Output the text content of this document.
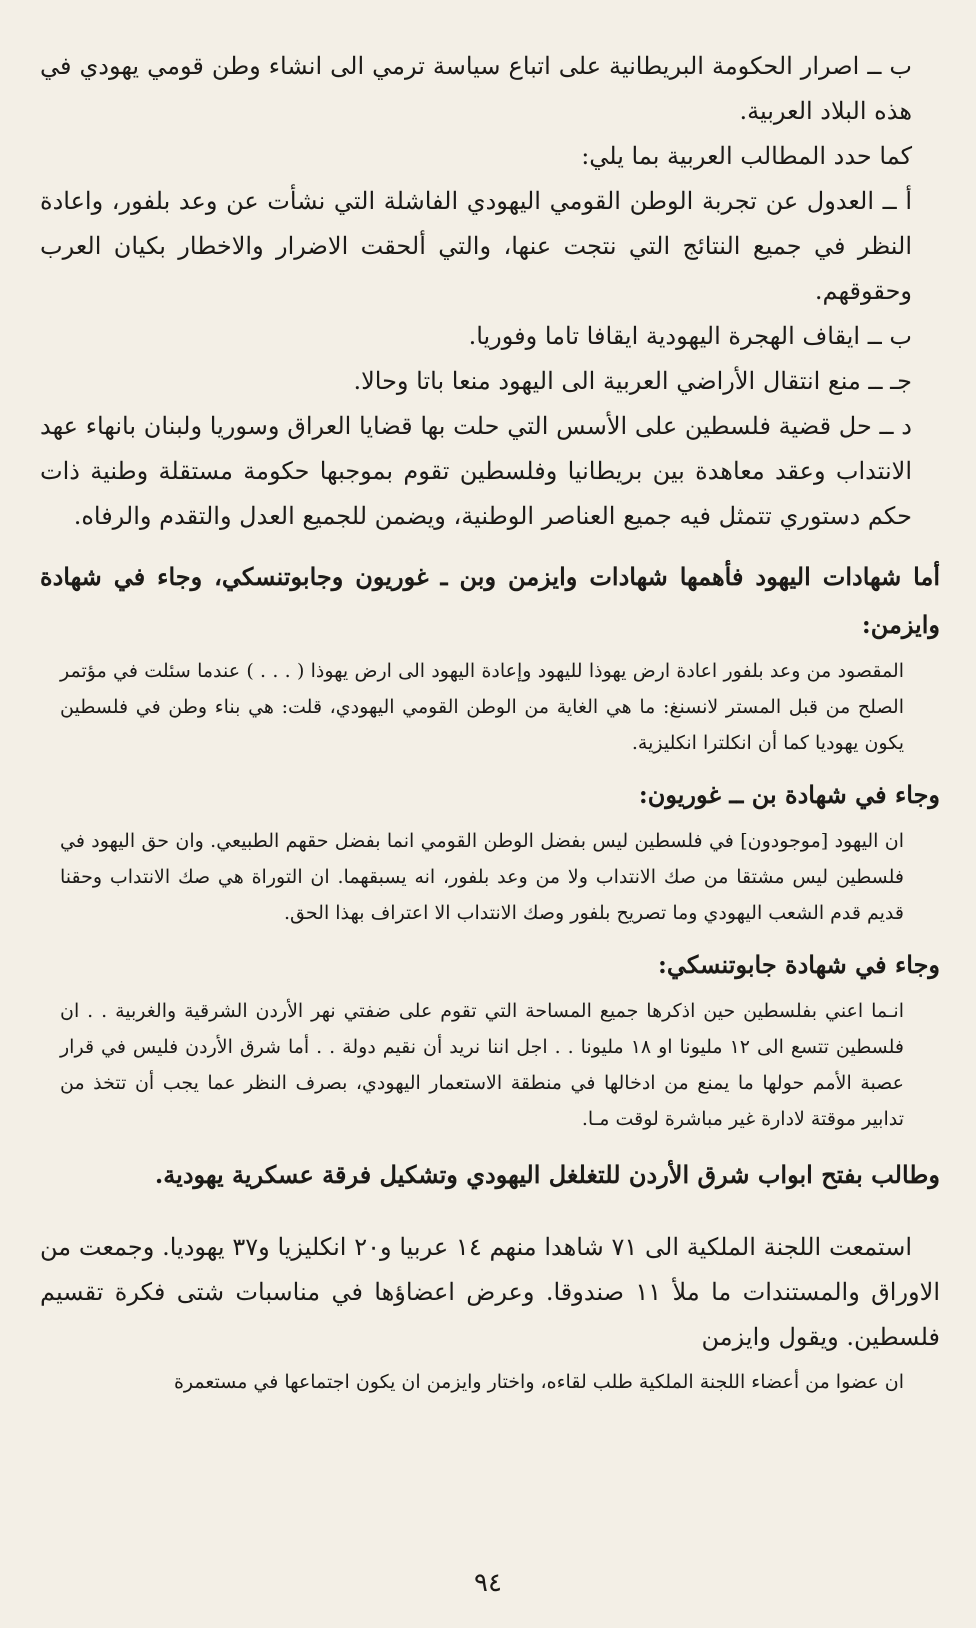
ب ــ اصرار الحكومة البريطانية على اتباع سياسة ترمي الى انشاء وطن قومي يهودي في هذه البلاد العربية.

كما حدد المطالب العربية بما يلي:

أ ــ العدول عن تجربة الوطن القومي اليهودي الفاشلة التي نشأت عن وعد بلفور، واعادة النظر في جميع النتائج التي نتجت عنها، والتي ألحقت الاضرار والاخطار بكيان العرب وحقوقهم.

ب ــ ايقاف الهجرة اليهودية ايقافا تاما وفوريا.

جـ ــ منع انتقال الأراضي العربية الى اليهود منعا باتا وحالا.

د ــ حل قضية فلسطين على الأسس التي حلت بها قضايا العراق وسوريا ولبنان بانهاء عهد الانتداب وعقد معاهدة بين بريطانيا وفلسطين تقوم بموجبها حكومة مستقلة وطنية ذات حكم دستوري تتمثل فيه جميع العناصر الوطنية، ويضمن للجميع العدل والتقدم والرفاه.

أما شهادات اليهود فأهمها شهادات وايزمن وبن ـ غوريون وجابوتنسكي، وجاء في شهادة وايزمن:

المقصود من وعد بلفور اعادة ارض يهوذا لليهود وإعادة اليهود الى ارض يهوذا ( . . . ) عندما سئلت في مؤتمر الصلح من قبل المستر لانسنغ: ما هي الغاية من الوطن القومي اليهودي، قلت: هي بناء وطن في فلسطين يكون يهوديا كما أن انكلترا انكليزية.

وجاء في شهادة بن ــ غوريون:

ان اليهود [موجودون] في فلسطين ليس بفضل الوطن القومي انما بفضل حقهم الطبيعي. وان حق اليهود في فلسطين ليس مشتقا من صك الانتداب ولا من وعد بلفور، انه يسبقهما. ان التوراة هي صك الانتداب وحقنا قديم قدم الشعب اليهودي وما تصريح بلفور وصك الانتداب الا اعتراف بهذا الحق.

وجاء في شهادة جابوتنسكي:

انـما اعني بفلسطين حين اذكرها جميع المساحة التي تقوم على ضفتي نهر الأردن الشرقية والغربية . . ان فلسطين تتسع الى ١٢ مليونا او ١٨ مليونا . . اجل اننا نريد أن نقيم دولة . . أما شرق الأردن فليس في قرار عصبة الأمم حولها ما يمنع من ادخالها في منطقة الاستعمار اليهودي، بصرف النظر عما يجب أن تتخذ من تدابير موقتة لادارة غير مباشرة لوقت مـا.

وطالب بفتح ابواب شرق الأردن للتغلغل اليهودي وتشكيل فرقة عسكرية يهودية.

استمعت اللجنة الملكية الى ٧١ شاهدا منهم ١٤ عربيا و٢٠ انكليزيا و٣٧ يهوديا. وجمعت من الاوراق والمستندات ما ملأ ١١ صندوقا. وعرض اعضاؤها في مناسبات شتى فكرة تقسيم فلسطين. ويقول وايزمن

ان عضوا من أعضاء اللجنة الملكية طلب لقاءه، واختار وايزمن ان يكون اجتماعها في مستعمرة

٩٤
